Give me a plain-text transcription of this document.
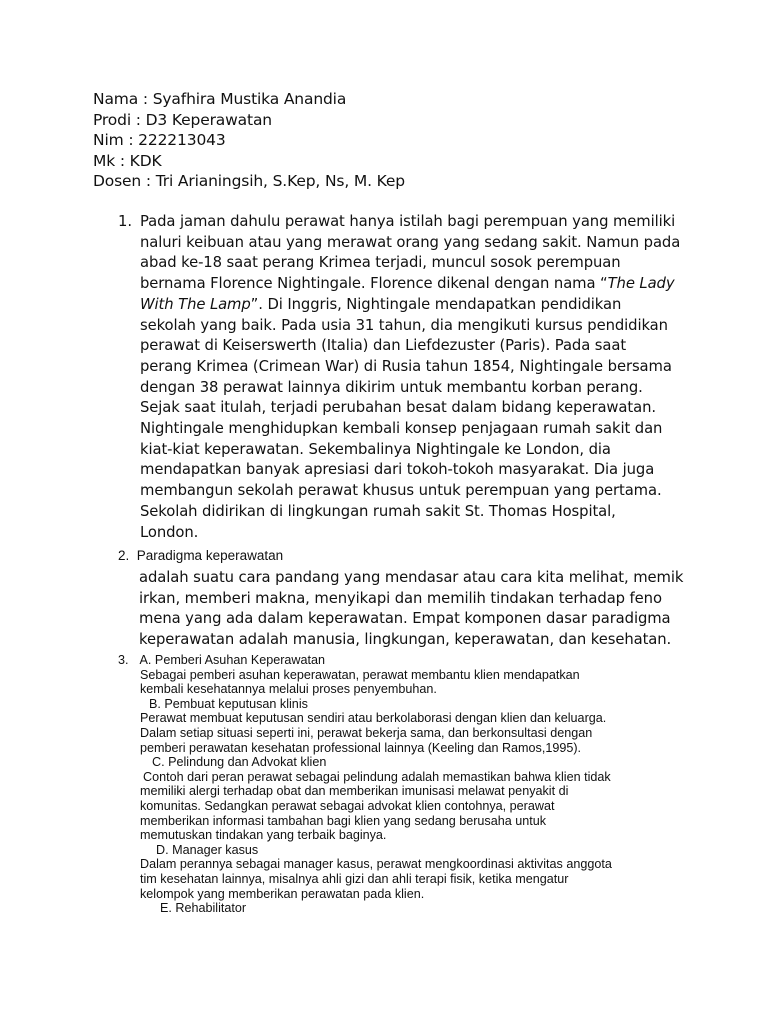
Nama : Syafhira Mustika Anandia
Prodi : D3 Keperawatan
Nim : 222213043
Mk : KDK
Dosen : Tri Arianingsih, S.Kep, Ns, M. Kep
1. Pada jaman dahulu perawat hanya istilah bagi perempuan yang memiliki
naluri keibuan atau yang merawat orang yang sedang sakit. Namun pada
abad ke-18 saat perang Krimea terjadi, muncul sosok perempuan
bernama Florence Nightingale. Florence dikenal dengan nama “The Lady
With The Lamp”. Di Inggris, Nightingale mendapatkan pendidikan
sekolah yang baik. Pada usia 31 tahun, dia mengikuti kursus pendidikan
perawat di Keiserswerth (Italia) dan Liefdezuster (Paris). Pada saat
perang Krimea (Crimean War) di Rusia tahun 1854, Nightingale bersama
dengan 38 perawat lainnya dikirim untuk membantu korban perang.
Sejak saat itulah, terjadi perubahan besat dalam bidang keperawatan.
Nightingale menghidupkan kembali konsep penjagaan rumah sakit dan
kiat-kiat keperawatan. Sekembalinya Nightingale ke London, dia
mendapatkan banyak apresiasi dari tokoh-tokoh masyarakat. Dia juga
membangun sekolah perawat khusus untuk perempuan yang pertama.
Sekolah didirikan di lingkungan rumah sakit St. Thomas Hospital,
London.
2. Paradigma keperawatan
adalah suatu cara pandang yang mendasar atau cara kita melihat, memik
irkan, memberi makna, menyikapi dan memilih tindakan terhadap feno
mena yang ada dalam keperawatan. Empat komponen dasar paradigma
keperawatan adalah manusia, lingkungan, keperawatan, dan kesehatan.
3. A. Pemberi Asuhan Keperawatan
Sebagai pemberi asuhan keperawatan, perawat membantu klien mendapatkan
kembali kesehatannya melalui proses penyembuhan.
B. Pembuat keputusan klinis
Perawat membuat keputusan sendiri atau berkolaborasi dengan klien dan keluarga.
Dalam setiap situasi seperti ini, perawat bekerja sama, dan berkonsultasi dengan
pemberi perawatan kesehatan professional lainnya (Keeling dan Ramos,1995).
C. Pelindung dan Advokat klien
Contoh dari peran perawat sebagai pelindung adalah memastikan bahwa klien tidak
memiliki alergi terhadap obat dan memberikan imunisasi melawat penyakit di
komunitas. Sedangkan perawat sebagai advokat klien contohnya, perawat
memberikan informasi tambahan bagi klien yang sedang berusaha untuk
memutuskan tindakan yang terbaik baginya.
D. Manager kasus
Dalam perannya sebagai manager kasus, perawat mengkoordinasi aktivitas anggota
tim kesehatan lainnya, misalnya ahli gizi dan ahli terapi fisik, ketika mengatur
kelompok yang memberikan perawatan pada klien.
E. Rehabilitator
